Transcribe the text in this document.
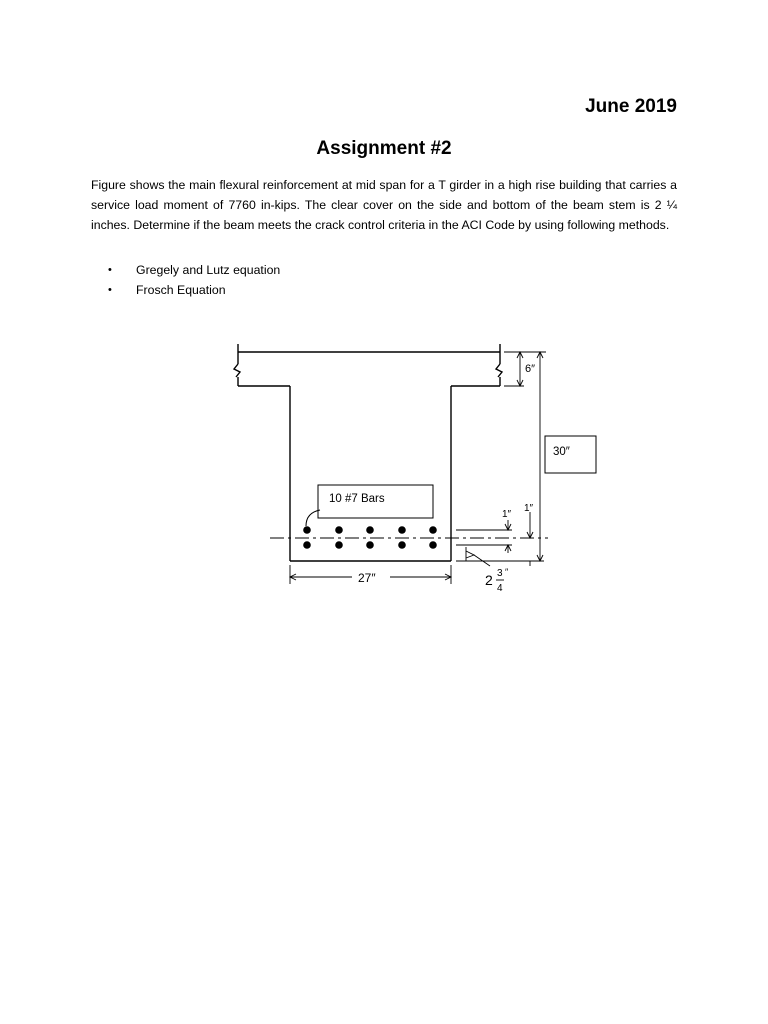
June 2019
Assignment #2

Figure shows the main flexural reinforcement at mid span for a T girder in a high rise building that carries a service load moment of 7760 in-kips. The clear cover on the side and bottom of the beam stem is 2 ¼ inches. Determine if the beam meets the crack control criteria in the ACI Code by using following methods.

• Gregely and Lutz equation
• Frosch Equation
10 #7 Bars
6″
30″
1″
1″
2 3
4
″
27″
